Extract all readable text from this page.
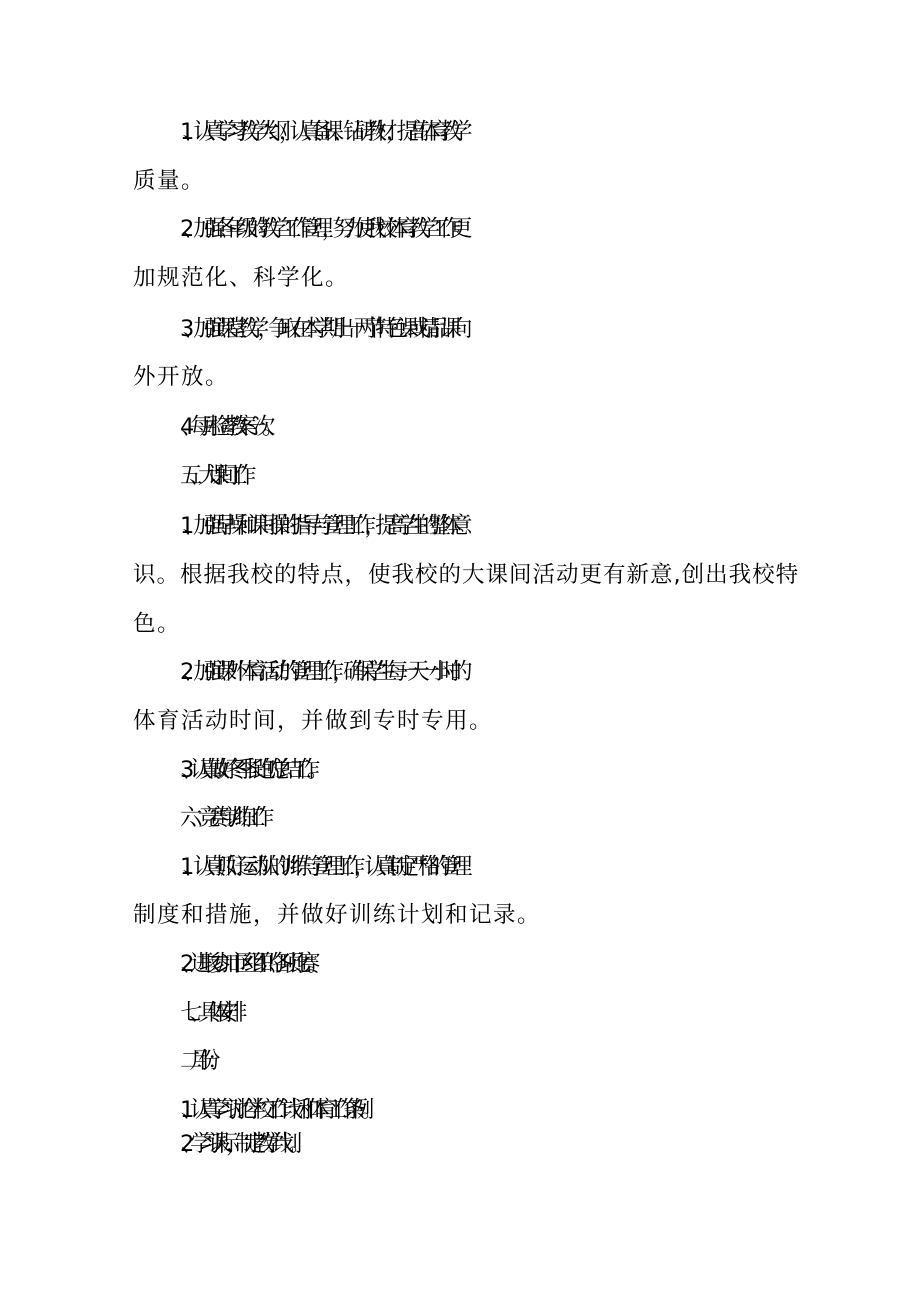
1、认真学习教学大纲，认真备课、钻研教材，提高体育教学
质量。
2、加强各年级的教学工作管理，努力使我校体育教学工作更
加规范化、科学化。
3、加强课堂教学，争取在本学期出一两节特色课或精品课向
外开放。
4、每月检查教案一次。
五、大课间工作
1、加强早操和课间操的指导与管理工作，提高学生的整体意
识。根据我校的特点，使我校的大课间活动更有新意,创出我校特
色。
2、加强课外体育活动的管理工作，确保学生每一天一小时的
体育活动时间，并做到专时专用。
3、认真做好冬季长跑的总结工作。
六、竞赛与训练工作
1、认真抓好运动队的训练与管理工作，认真制定严格的管理
制度和措施，并做好训练计划和记录。
2、进取参加市区组织的各项比赛。
七、具体安排
二月份：
1、认真学习讨论学校工作计划和体育工作条例。
2、学习课标，制定教学计划。
